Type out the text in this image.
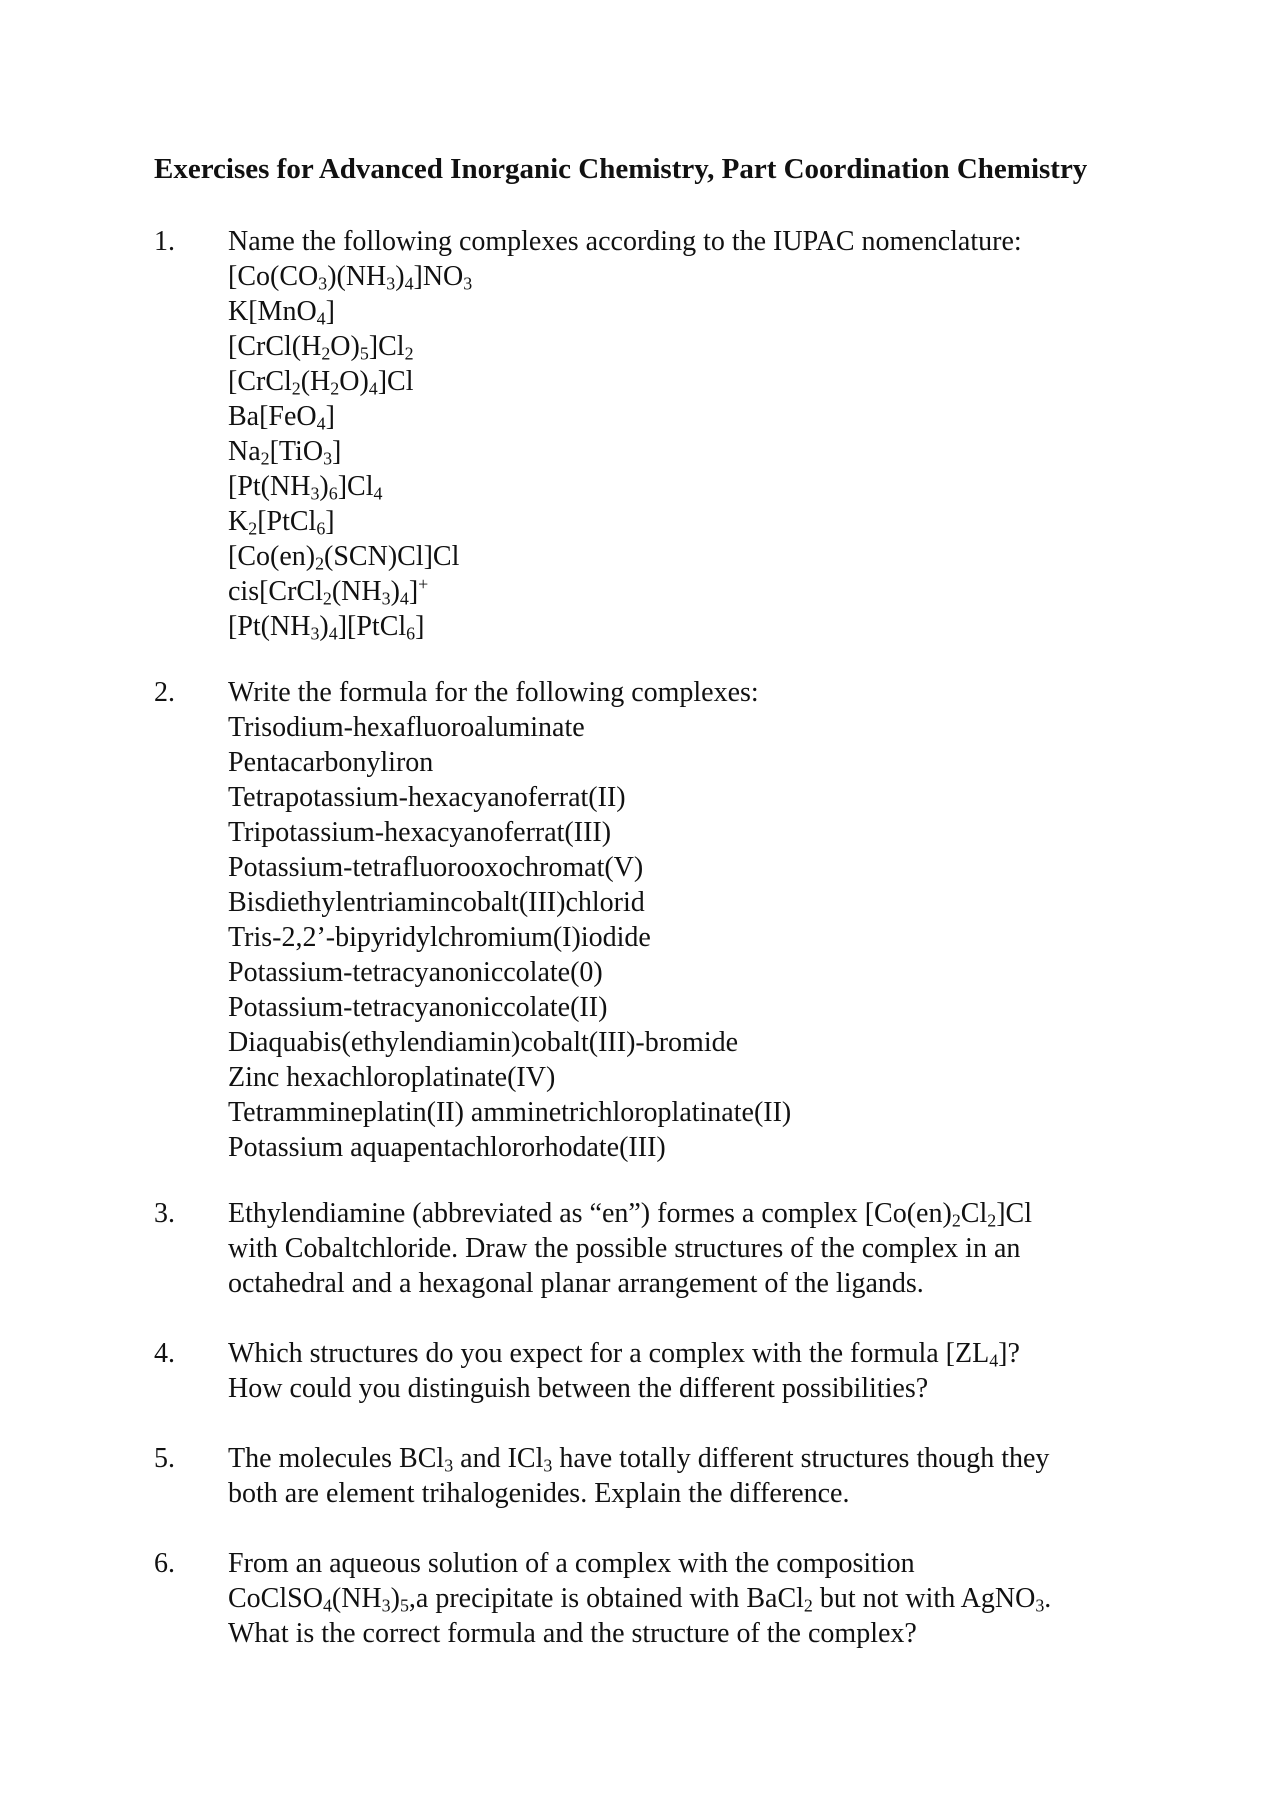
Exercises for Advanced Inorganic Chemistry, Part Coordination Chemistry
1. Name the following complexes according to the IUPAC nomenclature:
$[Co(CO_3)(NH_3)_4]NO_3$
K[MnO$_4$]
$[CrCl(H_2O)_5]Cl_2$
$[CrCl_2(H_2O)_4]Cl$
Ba[FeO$_4$]
$Na_2[TiO_3]$
$[Pt(NH_3)_6]Cl_4$
$K_2[PtCl_6]$
$[Co(en)_2(SCN)Cl]Cl$
$cis[CrCl_2(NH_3)_4]^+$
$[Pt(NH_3)_4][PtCl_6]$
2. Write the formula for the following complexes:
Trisodium-hexafluoroaluminate
Pentacarbonyliron
Tetrapotassium-hexacyanoferrat(II)
Tripotassium-hexacyanoferrat(III)
Potassium-tetrafluorooxochromat(V)
Bisdiethylentriamincobalt(III)chlorid
Tris-2,2’-bipyridylchromium(I)iodide
Potassium-tetracyanoniccolate(0)
Potassium-tetracyanoniccolate(II)
Diaquabis(ethylendiamin)cobalt(III)-bromide
Zinc hexachloroplatinate(IV)
Tetrammineplatin(II) amminetrichloroplatinate(II)
Potassium aquapentachlororhodate(III)
3. Ethylendiamine (abbreviated as “en”) formes a complex $[Co(en)_2Cl_2]Cl$
with Cobaltchloride. Draw the possible structures of the complex in an
octahedral and a hexagonal planar arrangement of the ligands.
4. Which structures do you expect for a complex with the formula $[ZL_4]$?
How could you distinguish between the different possibilities?
5. The molecules BCl$_3$ and ICl$_3$ have totally different structures though they
both are element trihalogenides. Explain the difference.
6. From an aqueous solution of a complex with the composition
$CoClSO_4(NH_3)_5,a$ precipitate is obtained with BaCl$_2$ but not with AgNO$_3$.
What is the correct formula and the structure of the complex?
